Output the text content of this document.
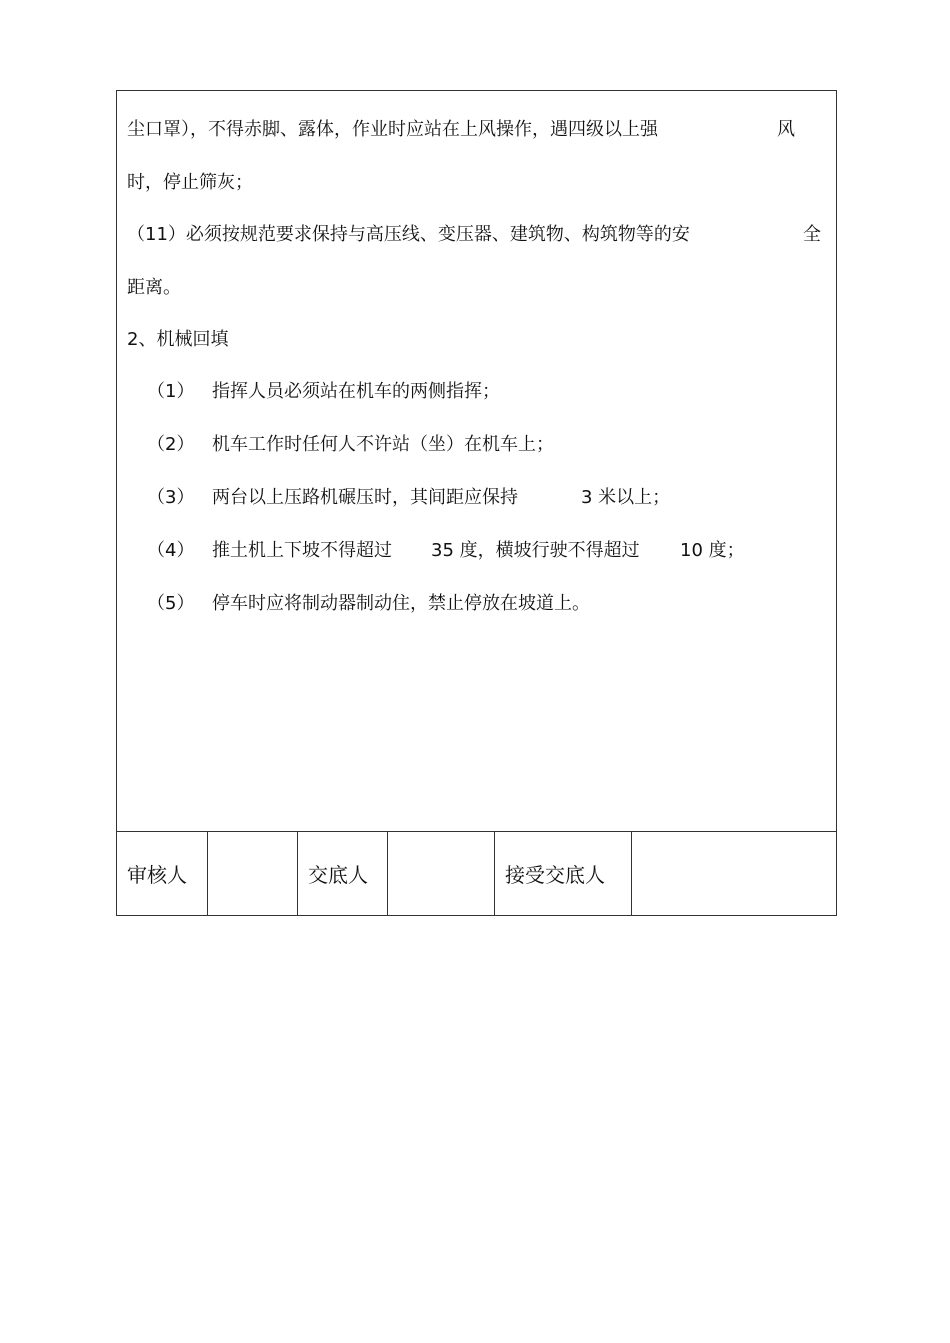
尘口罩），不得赤脚、露体，作业时应站在上风操作，遇四级以上强	风
时，停止筛灰；
（11）必须按规范要求保持与高压线、变压器、建筑物、构筑物等的安	全
距离。
2、机械回填
（1） 指挥人员必须站在机车的两侧指挥；
（2） 机车工作时任何人不许站（坐）在机车上；
（3） 两台以上压路机碾压时，其间距应保持	3 米以上；
（4） 推土机上下坡不得超过 35 度，横坡行驶不得超过 10 度；
（5） 停车时应将制动器制动住，禁止停放在坡道上。
审核人	交底人	接受交底人
